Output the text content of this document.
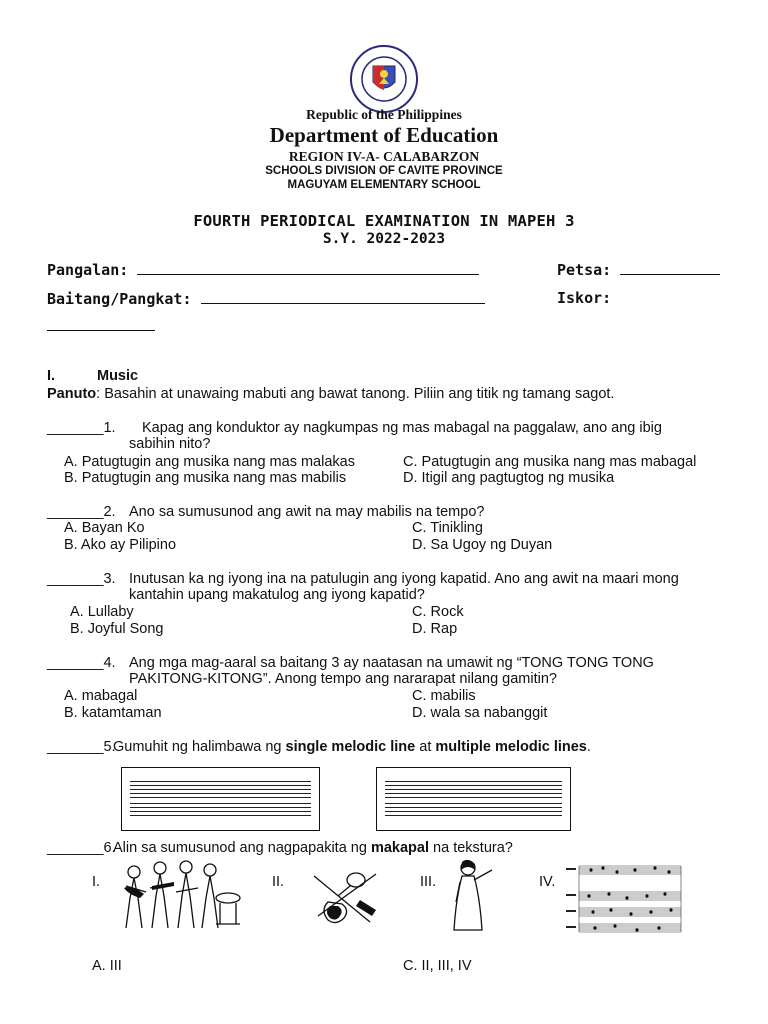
Republic of the Philippines
Department of Education
REGION IV-A- CALABARZON
SCHOOLS DIVISION OF CAVITE PROVINCE
MAGUYAM ELEMENTARY SCHOOL
FOURTH PERIODICAL EXAMINATION IN MAPEH 3
S.Y. 2022-2023
Pangalan:	Petsa:
Baitang/Pangkat:	Iskor:
I.	Music
Panuto: Basahin at unawaing mabuti ang bawat tanong. Piliin ang titik ng tamang sagot.
_______1. Kapag ang konduktor ay nagkumpas ng mas mabagal na paggalaw, ano ang ibig
sabihin nito?
A. Patugtugin ang musika nang mas malakas	C. Patugtugin ang musika nang mas mabagal
B. Patugtugin ang musika nang mas mabilis	D. Itigil ang pagtugtog ng musika
_______2. Ano sa sumusunod ang awit na may mabilis na tempo?
A. Bayan Ko	C. Tinikling
B. Ako ay Pilipino	D. Sa Ugoy ng Duyan
_______3. Inutusan ka ng iyong ina na patulugin ang iyong kapatid. Ano ang awit na maari mong
kantahin upang makatulog ang iyong kapatid?
A. Lullaby	C. Rock
B. Joyful Song	D. Rap
_______4. Ang mga mag-aaral sa baitang 3 ay naatasan na umawit ng “TONG TONG TONG
PAKITONG-KITONG”. Anong tempo ang nararapat nilang gamitin?
A. mabagal	C. mabilis
B. katamtaman	D. wala sa nabanggit
_______5.
Gumuhit ng halimbawa ng single melodic line at multiple melodic lines.
_______6.
Alin sa sumusunod ang nagpapakita ng makapal na tekstura?
I.	II.	III.	IV.
A. III	C. II, III, IV
